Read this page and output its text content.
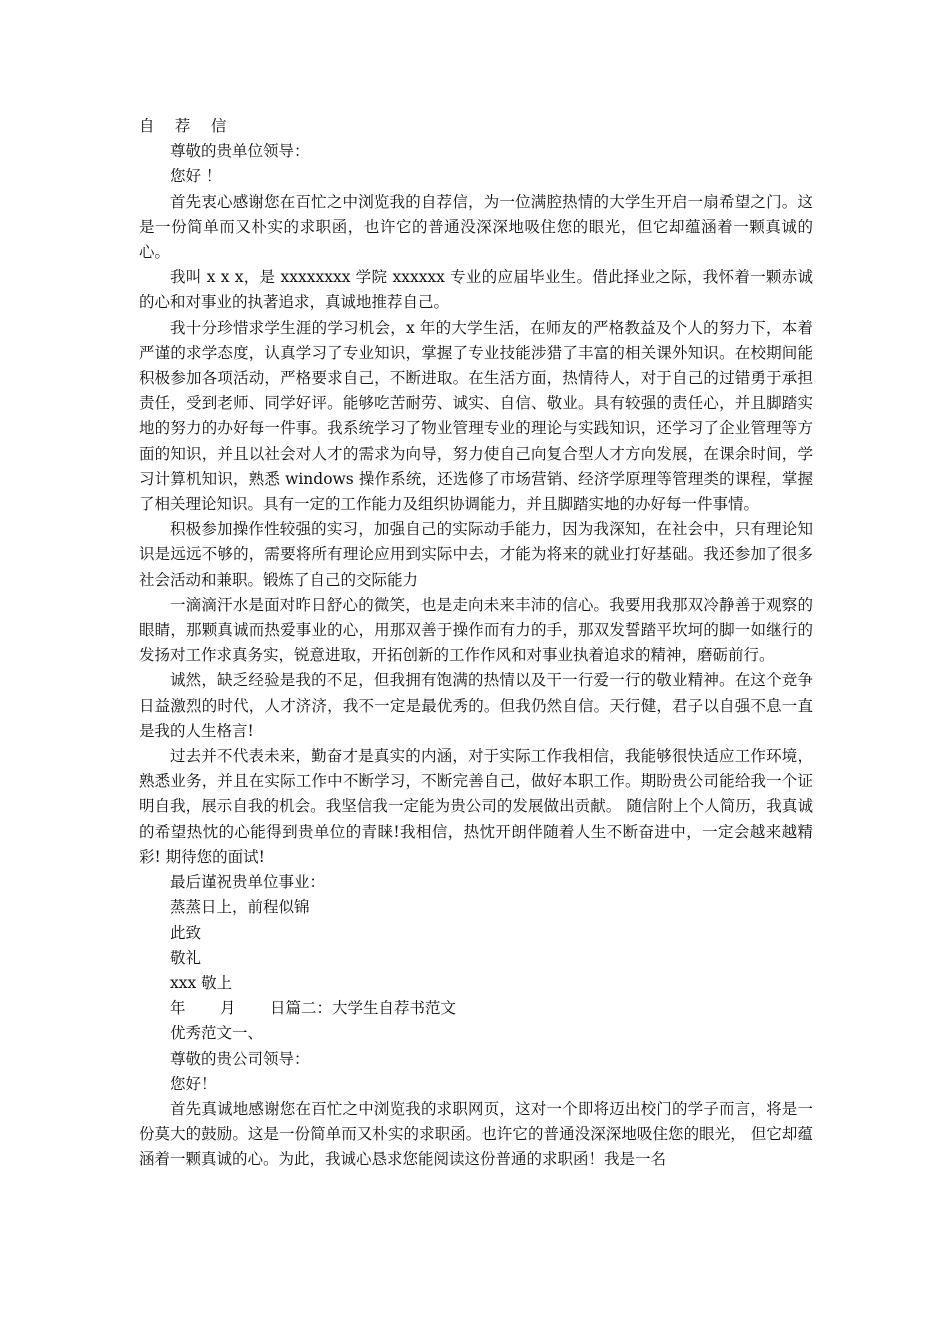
自 荐 信

尊敬的贵单位领导：

您好 ！

首先衷心感谢您在百忙之中浏览我的自荐信，为一位满腔热情的大学生开启一扇希望之门。这是一份简单而又朴实的求职函，也许它的普通没深深地吸住您的眼光，但它却蕴涵着一颗真诚的心。

我叫 x x x，是 xxxxxxxx 学院 xxxxxx 专业的应届毕业生。借此择业之际，我怀着一颗赤诚的心和对事业的执著追求，真诚地推荐自己。

我十分珍惜求学生涯的学习机会，x 年的大学生活，在师友的严格教益及个人的努力下，本着严谨的求学态度，认真学习了专业知识，掌握了专业技能涉猎了丰富的相关课外知识。在校期间能积极参加各项活动，严格要求自己，不断进取。在生活方面，热情待人，对于自己的过错勇于承担责任，受到老师、同学好评。能够吃苦耐劳、诚实、自信、敬业。具有较强的责任心，并且脚踏实地的努力的办好每一件事。我系统学习了物业管理专业的理论与实践知识，还学习了企业管理等方面的知识，并且以社会对人才的需求为向导，努力使自己向复合型人才方向发展，在课余时间，学习计算机知识，熟悉 windows 操作系统，还选修了市场营销、经济学原理等管理类的课程，掌握了相关理论知识。具有一定的工作能力及组织协调能力，并且脚踏实地的办好每一件事情。

积极参加操作性较强的实习，加强自己的实际动手能力，因为我深知，在社会中，只有理论知识是远远不够的，需要将所有理论应用到实际中去，才能为将来的就业打好基础。我还参加了很多社会活动和兼职。锻炼了自己的交际能力

一滴滴汗水是面对昨日舒心的微笑，也是走向未来丰沛的信心。我要用我那双冷静善于观察的眼睛，那颗真诚而热爱事业的心，用那双善于操作而有力的手，那双发誓踏平坎坷的脚一如继行的发扬对工作求真务实，锐意进取，开拓创新的工作作风和对事业执着追求的精神，磨砺前行。

诚然，缺乏经验是我的不足，但我拥有饱满的热情以及干一行爱一行的敬业精神。在这个竞争日益激烈的时代，人才济济，我不一定是最优秀的。但我仍然自信。天行健，君子以自强不息一直是我的人生格言!

过去并不代表未来，勤奋才是真实的内涵，对于实际工作我相信，我能够很快适应工作环境，熟悉业务，并且在实际工作中不断学习，不断完善自己，做好本职工作。期盼贵公司能给我一个证明自我，展示自我的机会。我坚信我一定能为贵公司的发展做出贡献。 随信附上个人简历，我真诚的希望热忱的心能得到贵单位的青睐!我相信，热忱开朗伴随着人生不断奋进中，一定会越来越精彩! 期待您的面试!

最后谨祝贵单位事业：

蒸蒸日上，前程似锦

此致

敬礼

xxx 敬上

年       月       日篇二：大学生自荐书范文

优秀范文一、

尊敬的贵公司领导：

您好！

首先真诚地感谢您在百忙之中浏览我的求职网页，这对一个即将迈出校门的学子而言，将是一份莫大的鼓励。这是一份简单而又朴实的求职函。也许它的普通没深深地吸住您的眼光， 但它却蕴涵着一颗真诚的心。为此，我诚心恳求您能阅读这份普通的求职函！我是一名
